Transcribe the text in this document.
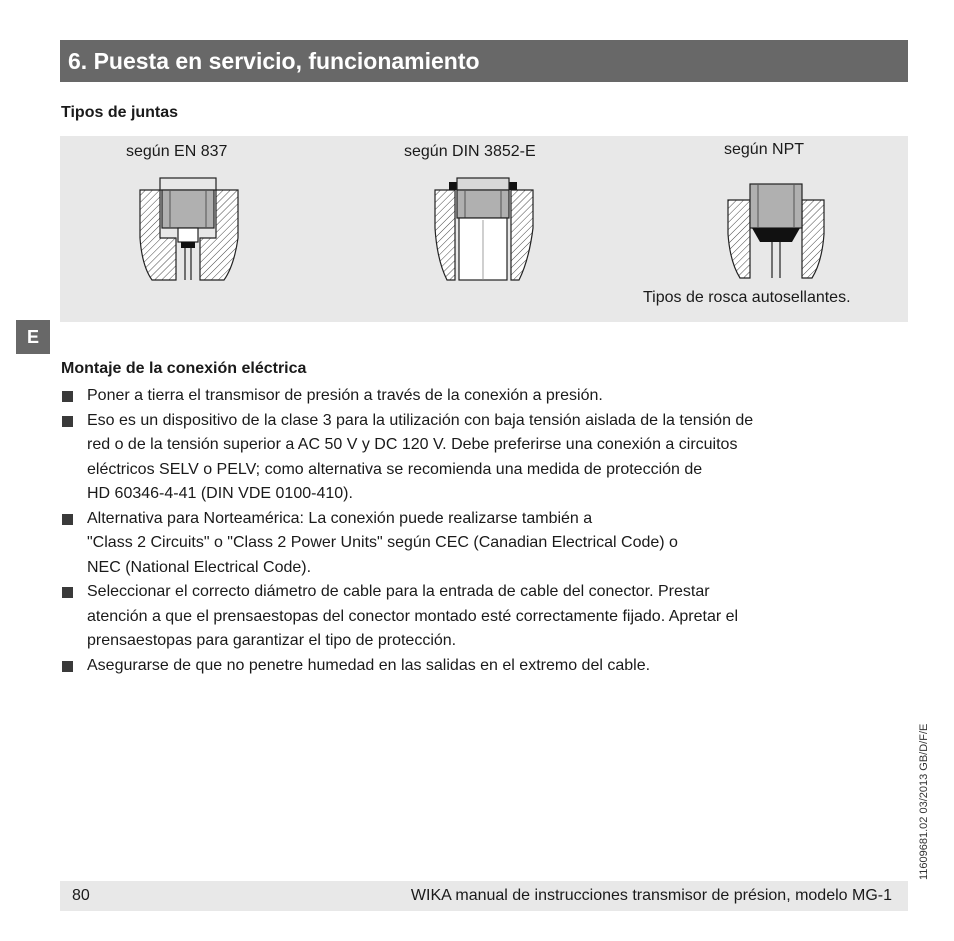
6. Puesta en servicio, funcionamiento
Tipos de juntas
según EN 837	según DIN 3852-E	según NPT
Tipos de rosca autosellantes.
E
Montaje de la conexión eléctrica
Poner a tierra el transmisor de presión a través de la conexión a presión.
Eso es un dispositivo de la clase 3 para la utilización con baja tensión aislada de la tensión de
red o de la tensión superior a AC 50 V y DC 120 V. Debe preferirse una conexión a circuitos
eléctricos SELV o PELV; como alternativa se recomienda una medida de protección de
HD 60346-4-41 (DIN VDE 0100-410).
Alternativa para Norteamérica: La conexión puede realizarse también a
"Class 2 Circuits" o "Class 2 Power Units" según CEC (Canadian Electrical Code) o
NEC (National Electrical Code).
Seleccionar el correcto diámetro de cable para la entrada de cable del conector. Prestar
atención a que el prensaestopas del conector montado esté correctamente fijado. Apretar el
prensaestopas para garantizar el tipo de protección.
Asegurarse de que no penetre humedad en las salidas en el extremo del cable.
11609681.02 03/2013 GB/D/F/E
80	WIKA manual de instrucciones transmisor de présion, modelo MG-1
